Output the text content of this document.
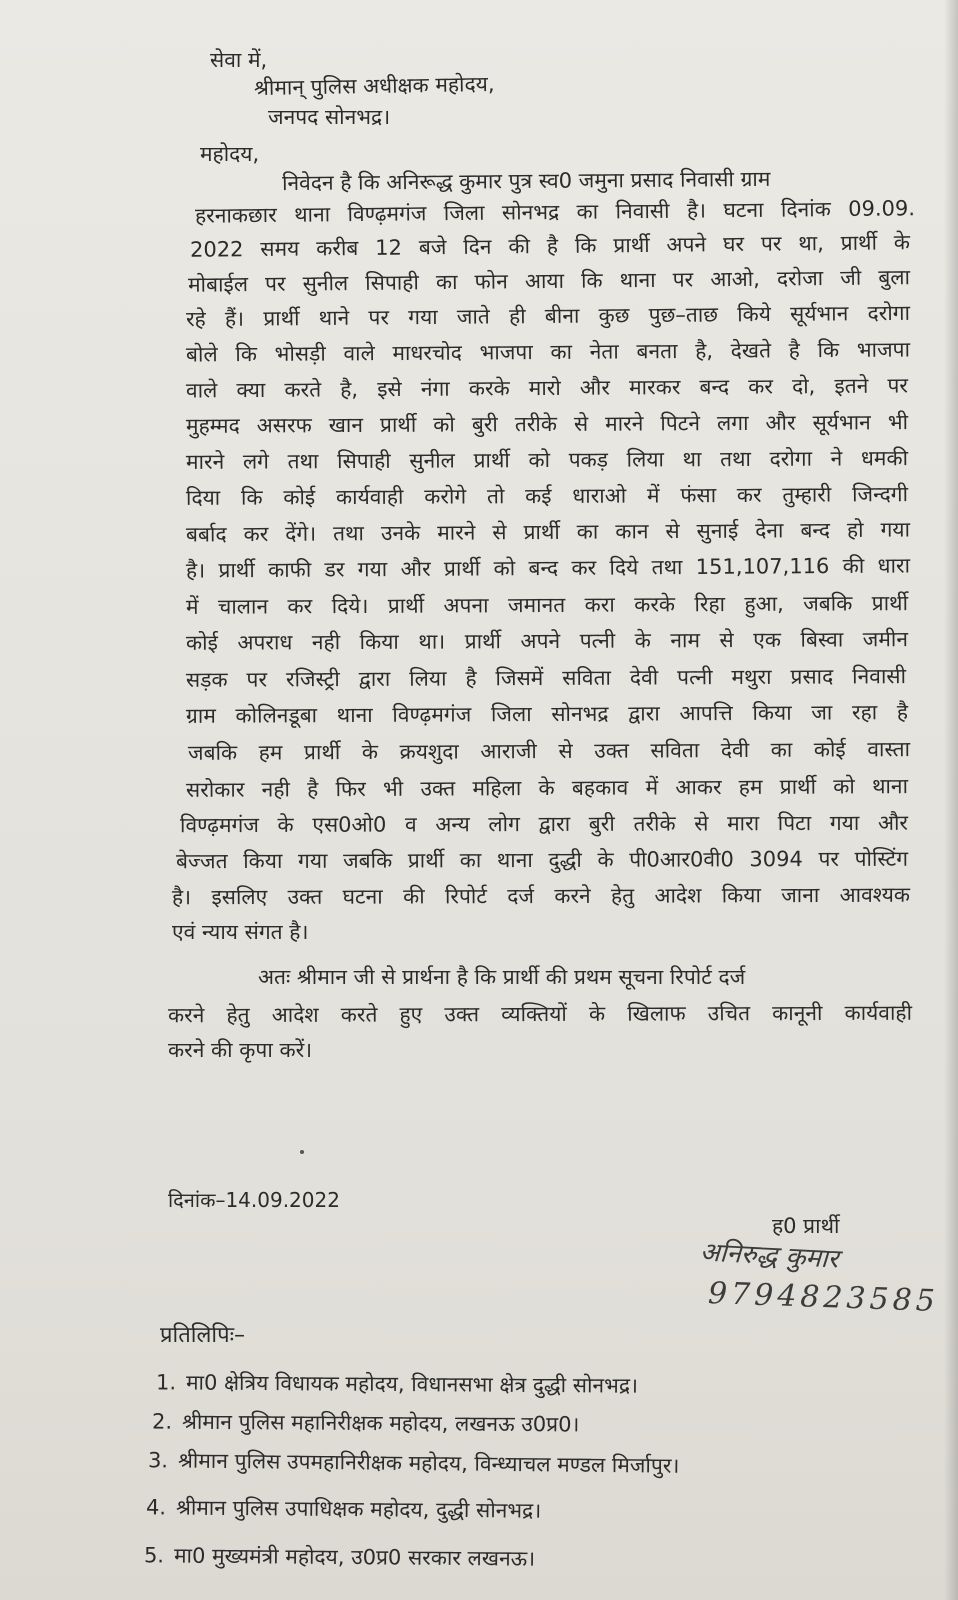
सेवा में,
श्रीमान् पुलिस अधीक्षक महोदय,
जनपद सोनभद्र।
महोदय,
निवेदन है कि अनिरूद्ध कुमार पुत्र स्व0 जमुना प्रसाद निवासी ग्राम
हरनाकछार थाना विण्ढ़मगंज जिला सोनभद्र का निवासी है। घटना दिनांक 09.09.
2022 समय करीब 12 बजे दिन की है कि प्रार्थी अपने घर पर था, प्रार्थी के
मोबाईल पर सुनील सिपाही का फोन आया कि थाना पर आओ, दरोजा जी बुला
रहे हैं। प्रार्थी थाने पर गया जाते ही बीना कुछ पुछ–ताछ किये सूर्यभान दरोगा
बोले कि भोसड़ी वाले माधरचोद भाजपा का नेता बनता है, देखते है कि भाजपा
वाले क्या करते है, इसे नंगा करके मारो और मारकर बन्द कर दो, इतने पर
मुहम्मद असरफ खान प्रार्थी को बुरी तरीके से मारने पिटने लगा और सूर्यभान भी
मारने लगे तथा सिपाही सुनील प्रार्थी को पकड़ लिया था तथा दरोगा ने धमकी
दिया कि कोई कार्यवाही करोगे तो कई धाराओ में फंसा कर तुम्हारी जिन्दगी
बर्बाद कर देंगे। तथा उनके मारने से प्रार्थी का कान से सुनाई देना बन्द हो गया
है। प्रार्थी काफी डर गया और प्रार्थी को बन्द कर दिये तथा 151,107,116 की धारा
में चालान कर दिये। प्रार्थी अपना जमानत करा करके रिहा हुआ, जबकि प्रार्थी
कोई अपराध नही किया था। प्रार्थी अपने पत्नी के नाम से एक बिस्वा जमीन
सड़क पर रजिस्ट्री द्वारा लिया है जिसमें सविता देवी पत्नी मथुरा प्रसाद निवासी
ग्राम कोलिनडूबा थाना विण्ढ़मगंज जिला सोनभद्र द्वारा आपत्ति किया जा रहा है
जबकि हम प्रार्थी के क्रयशुदा आराजी से उक्त सविता देवी का कोई वास्ता
सरोकार नही है फिर भी उक्त महिला के बहकाव में आकर हम प्रार्थी को थाना
विण्ढ़मगंज के एस0ओ0 व अन्य लोग द्वारा बुरी तरीके से मारा पिटा गया और
बेज्जत किया गया जबकि प्रार्थी का थाना दुद्धी के पी0आर0वी0 3094 पर पोस्टिंग
है। इसलिए उक्त घटना की रिपोर्ट दर्ज करने हेतु आदेश किया जाना आवश्यक
एवं न्याय संगत है।
अतः श्रीमान जी से प्रार्थना है कि प्रार्थी की प्रथम सूचना रिपोर्ट दर्ज
करने हेतु आदेश करते हुए उक्त व्यक्तियों के खिलाफ उचित कानूनी कार्यवाही
करने की कृपा करें।
दिनांक–14.09.2022
ह0 प्रार्थी
अनिरुद्ध कुमार
9794823585
प्रतिलिपिः–
1. मा0 क्षेत्रिय विधायक महोदय, विधानसभा क्षेत्र दुद्धी सोनभद्र।
2. श्रीमान पुलिस महानिरीक्षक महोदय, लखनऊ उ0प्र0।
3. श्रीमान पुलिस उपमहानिरीक्षक महोदय, विन्ध्याचल मण्डल मिर्जापुर।
4. श्रीमान पुलिस उपाधिक्षक महोदय, दुद्धी सोनभद्र।
5. मा0 मुख्यमंत्री महोदय, उ0प्र0 सरकार लखनऊ।
